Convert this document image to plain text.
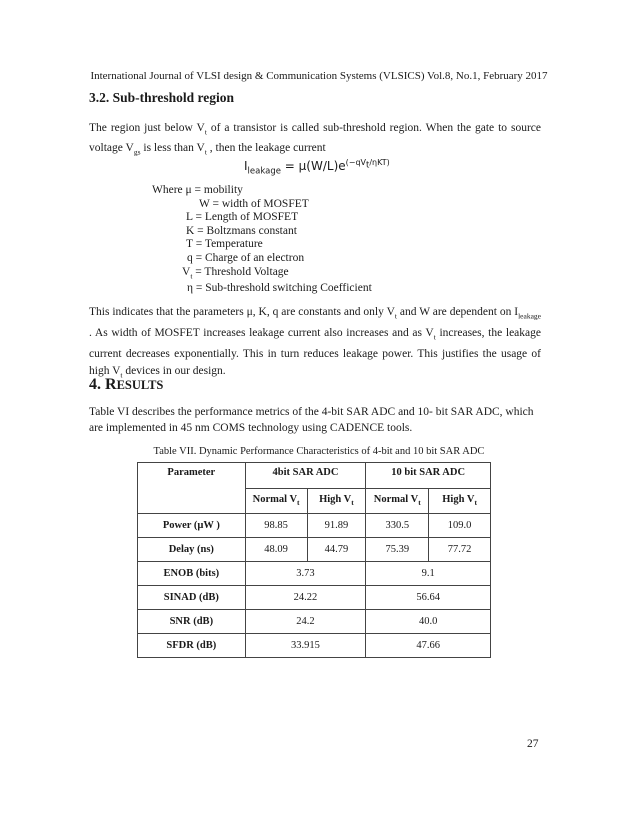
International Journal of VLSI design & Communication Systems (VLSICS) Vol.8, No.1, February 2017
3.2. Sub-threshold region

The region just below $V_t$ of a transistor is called sub-threshold region. When the gate to source voltage $V_{gs}$ is less than $V_t$ , then the leakage current

$I_{leakage} = \mu(W/L)e^{(-qV_t/\eta KT)}$
Where μ = mobility
W = width of MOSFET
L = Length of MOSFET
K = Boltzmans constant
T = Temperature
q = Charge of an electron
$V_t$ = Threshold Voltage
η = Sub-threshold switching Coefficient

This indicates that the parameters μ, K, q are constants and only $V_t$ and W are dependent on $I_{leakage}$ . As width of MOSFET increases leakage current also increases and as $V_t$ increases, the leakage current decreases exponentially. This in turn reduces leakage power. This justifies the usage of high $V_t$ devices in our design.

4. RESULTS

Table VI describes the performance metrics of the 4-bit SAR ADC and 10- bit SAR ADC, which are implemented in 45 nm COMS technology using CADENCE tools.

Table VII. Dynamic Performance Characteristics of 4-bit and 10 bit SAR ADC
Parameter	4bit SAR ADC		10 bit SAR ADC	
	Normal $V_t$	High $V_t$	Normal $V_t$	High $V_t$
Power (µW )	98.85	91.89	330.5	109.0
Delay (ns)	48.09	44.79	75.39	77.72
ENOB (bits)	3.73		9.1	
SINAD (dB)	24.22		56.64	
SNR (dB)	24.2		40.0	
SFDR (dB)	33.915		47.66	
27
